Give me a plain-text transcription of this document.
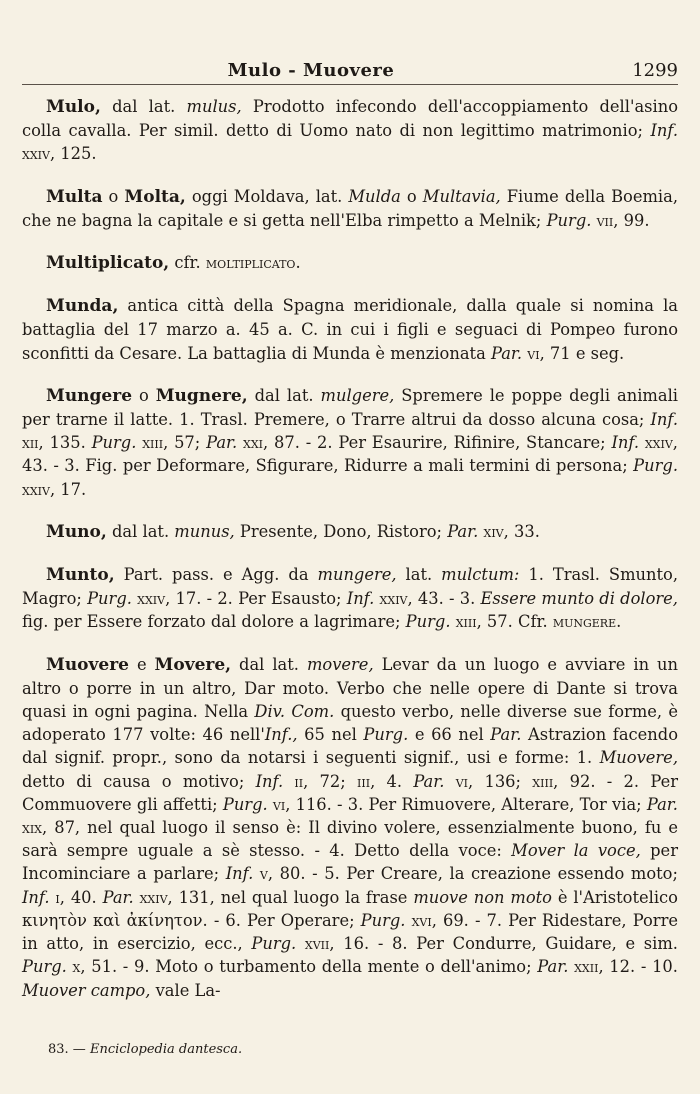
Mulo - Muovere	1299

Mulo, dal lat. mulus, Prodotto infecondo dell'accoppiamento dell'asino colla cavalla. Per simil. detto di Uomo nato di non legittimo matrimonio; Inf. xxiv, 125.

Multa o Molta, oggi Moldava, lat. Mulda o Multavia, Fiume della Boemia, che ne bagna la capitale e si getta nell'Elba rimpetto a Melnik; Purg. vii, 99.

Multiplicato, cfr. moltiplicato.

Munda, antica città della Spagna meridionale, dalla quale si nomina la battaglia del 17 marzo a. 45 a. C. in cui i figli e seguaci di Pompeo furono sconfitti da Cesare. La battaglia di Munda è menzionata Par. vi, 71 e seg.

Mungere o Mugnere, dal lat. mulgere, Spremere le poppe degli animali per trarne il latte. 1. Trasl. Premere, o Trarre altrui da dosso alcuna cosa; Inf. xii, 135. Purg. xiii, 57; Par. xxi, 87. - 2. Per Esaurire, Rifinire, Stancare; Inf. xxiv, 43. - 3. Fig. per Deformare, Sfigurare, Ridurre a mali termini di persona; Purg. xxiv, 17.

Muno, dal lat. munus, Presente, Dono, Ristoro; Par. xiv, 33.

Munto, Part. pass. e Agg. da mungere, lat. mulctum: 1. Trasl. Smunto, Magro; Purg. xxiv, 17. - 2. Per Esausto; Inf. xxiv, 43. - 3. Essere munto di dolore, fig. per Essere forzato dal dolore a lagrimare; Purg. xiii, 57. Cfr. mungere.

Muovere e Movere, dal lat. movere, Levar da un luogo e avviare in un altro o porre in un altro, Dar moto. Verbo che nelle opere di Dante si trova quasi in ogni pagina. Nella Div. Com. questo verbo, nelle diverse sue forme, è adoperato 177 volte: 46 nell'Inf., 65 nel Purg. e 66 nel Par. Astrazion facendo dal signif. propr., sono da notarsi i seguenti signif., usi e forme: 1. Muovere, detto di causa o motivo; Inf. ii, 72; iii, 4. Par. vi, 136; xiii, 92. - 2. Per Commuovere gli affetti; Purg. vi, 116. - 3. Per Rimuovere, Alterare, Tor via; Par. xix, 87, nel qual luogo il senso è: Il divino volere, essenzialmente buono, fu e sarà sempre uguale a sè stesso. - 4. Detto della voce: Mover la voce, per Incominciare a parlare; Inf. v, 80. - 5. Per Creare, la creazione essendo moto; Inf. i, 40. Par. xxiv, 131, nel qual luogo la frase muove non moto è l'Aristotelico κινητὸν καὶ ἀκίνητον. - 6. Per Operare; Purg. xvi, 69. - 7. Per Ridestare, Porre in atto, in esercizio, ecc., Purg. xvii, 16. - 8. Per Condurre, Guidare, e sim. Purg. x, 51. - 9. Moto o turbamento della mente o dell'animo; Par. xxii, 12. - 10. Muover campo, vale La-

83. — Enciclopedia dantesca.
